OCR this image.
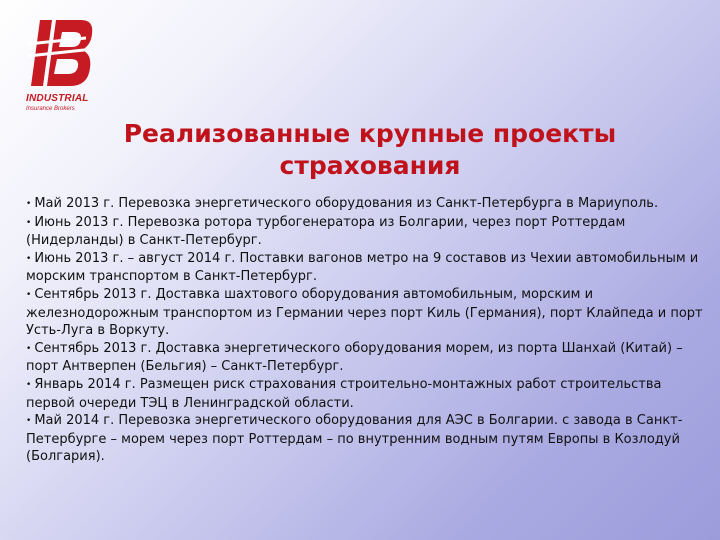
INDUSTRIAL
Insurance Brokers
Реализованные крупные проекты
страхования

• Май 2013 г. Перевозка энергетического оборудования из Санкт-Петербурга в Мариуполь.

• Июнь 2013 г. Перевозка ротора турбогенератора из Болгарии, через порт Роттердам (Нидерланды) в Санкт-Петербург.

• Июнь 2013 г. – август 2014 г. Поставки вагонов метро на 9 составов из Чехии автомобильным и морским транспортом в Санкт-Петербург.

• Сентябрь 2013 г. Доставка шахтового оборудования автомобильным, морским и железнодорожным транспортом из Германии через порт Киль (Германия), порт Клайпеда и порт Усть-Луга в Воркуту.

• Сентябрь 2013 г. Доставка энергетического оборудования морем, из порта Шанхай (Китай) – порт Антверпен (Бельгия) – Санкт-Петербург.

• Январь 2014 г. Размещен риск страхования строительно-монтажных работ строительства первой очереди ТЭЦ в Ленинградской области.

• Май 2014 г. Перевозка энергетического оборудования для АЭС в Болгарии. с завода в Санкт-Петербурге – морем через порт Роттердам – по внутренним водным путям Европы в Козлодуй (Болгария).
